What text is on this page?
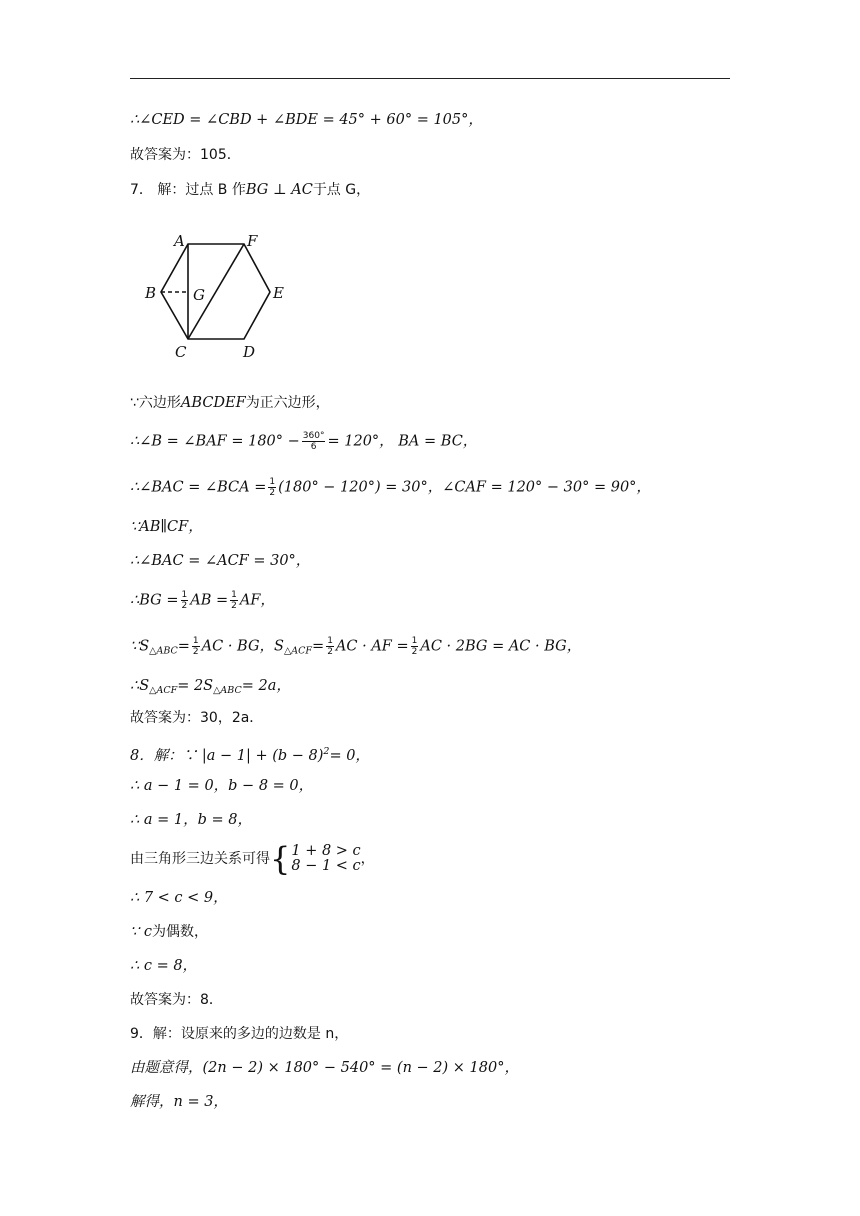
∴∠CED = ∠CBD + ∠BDE = 45° + 60° = 105°，
故答案为：105．
7． 解：过点 B 作BG ⊥ AC于点 G，
A	F
B G	E
C	D
∵六边形ABCDEF为正六边形，
∴∠B = ∠BAF = $180^\circ - \frac{360^\circ}{6} = 120^\circ$， BA = BC，
∴∠BAC = ∠BCA = $\frac{1}{2} (180^\circ - 120^\circ) = 30^\circ$，∠CAF = 120° − 30° = 90°，
∵AB∥CF，
∴∠BAC = ∠ACF = 30°，
∴BG = $\frac{1}{2}$ AB = $\frac{1}{2}$ AF，
$\because S_{\triangle ABC}= \frac{1}{2}$ AC · BG，$S_{\triangle ACF}= \frac{1}{2}$ AC · AF = $\frac{1}{2}$ AC · 2BG = AC · BG，
$\therefore S_{\triangle ACF}= 2S_{\triangle ABC}= 2a$，
故答案为：30，2a．
8．解：∵ $|a - 1| + (b - 8)^2= 0$，
∴ a − 1 = 0，b − 8 = 0，
∴ a = 1，b = 8，
由三角形三边关系可得 { 1 + 8 > c
8 − 1 < c ，
∴ 7 < c < 9，
∵ c为偶数，
∴ c = 8，
故答案为：8．
9．解：设原来的多边的边数是 n，
由题意得，(2n − 2) × 180° − 540° = (n − 2) × 180°，
解得，n = 3，
